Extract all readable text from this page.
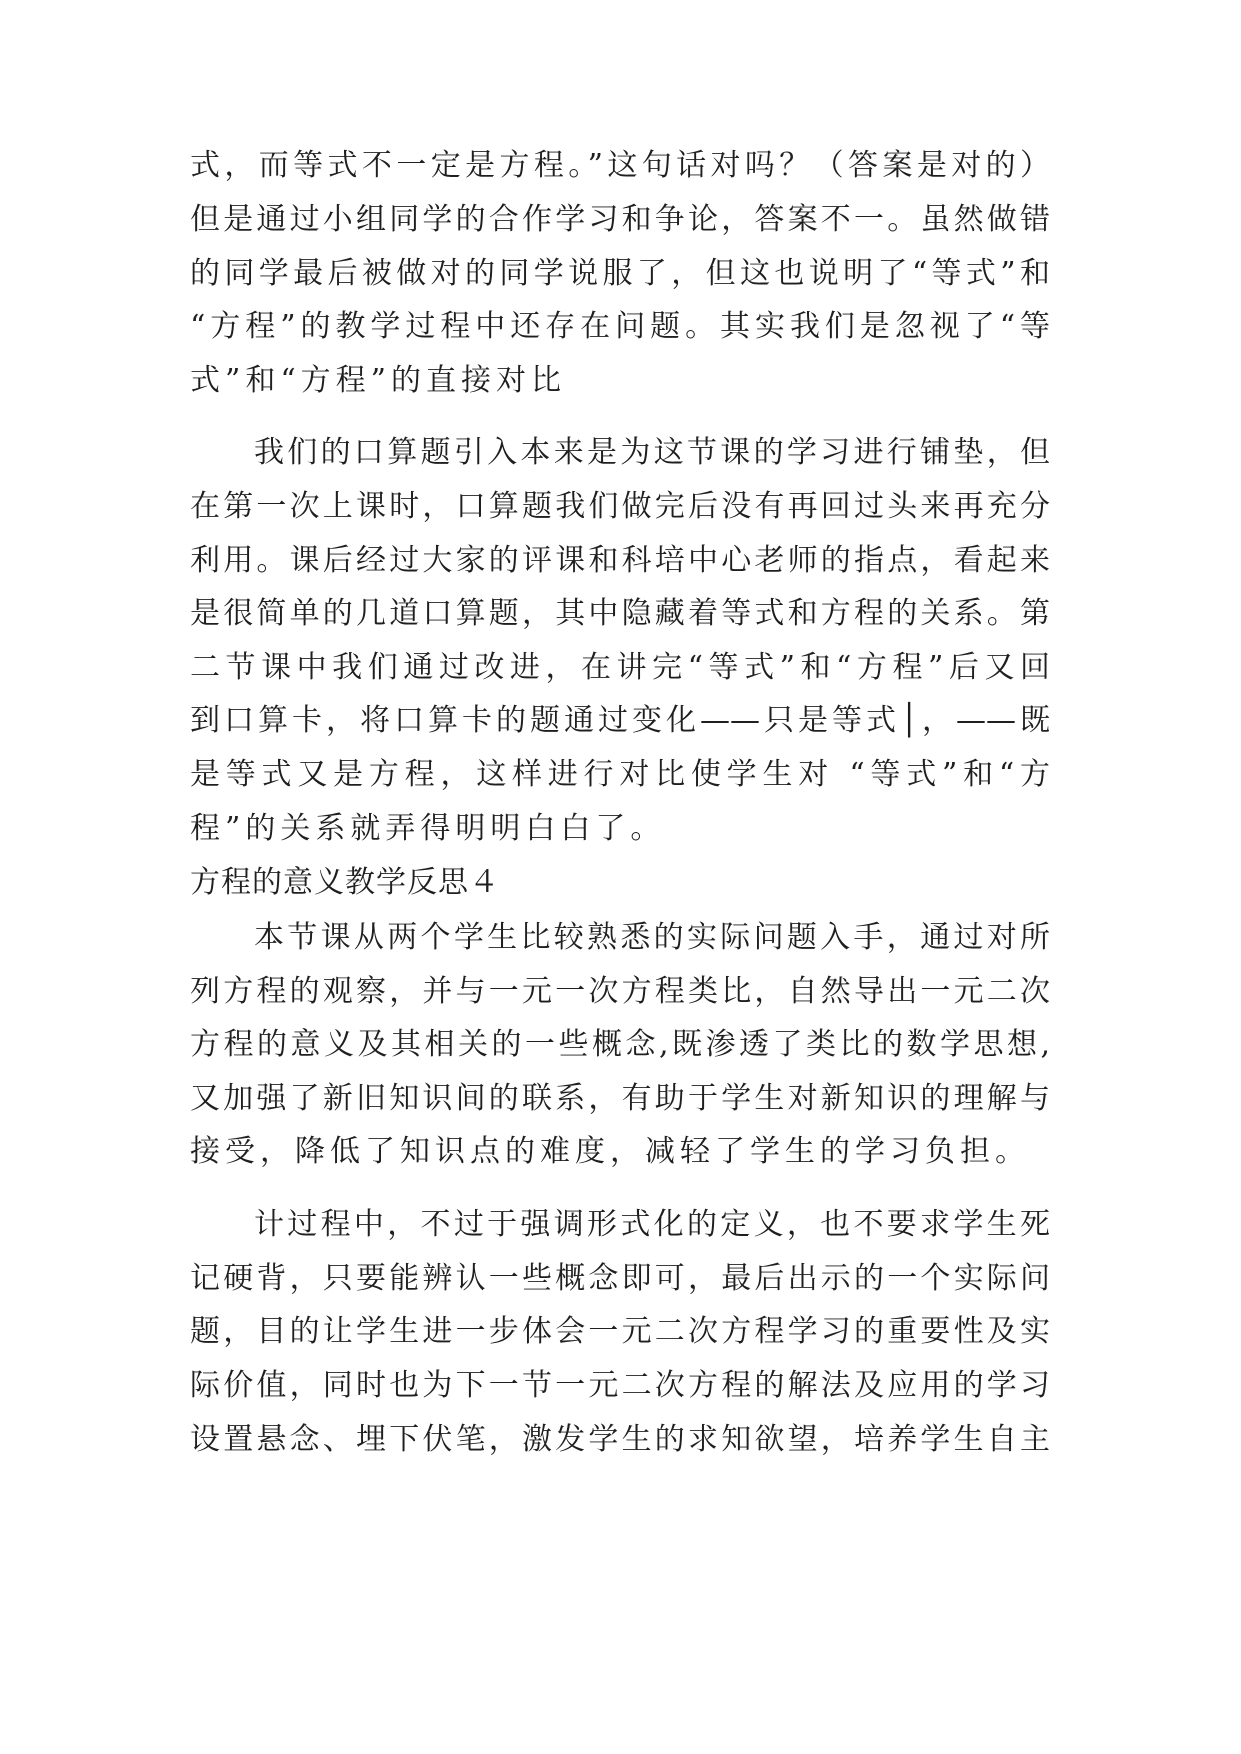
式，而等式不一定是方程。”这句话对吗？（答案是对的）
但是通过小组同学的合作学习和争论，答案不一。虽然做错
的同学最后被做对的同学说服了，但这也说明了“等式”和
“方程”的教学过程中还存在问题。其实我们是忽视了“等
式”和“方程”的直接对比
我们的口算题引入本来是为这节课的学习进行铺垫，但
在第一次上课时，口算题我们做完后没有再回过头来再充分
利用。课后经过大家的评课和科培中心老师的指点，看起来
是很简单的几道口算题，其中隐藏着等式和方程的关系。第
二节课中我们通过改进，在讲完“等式”和“方程”后又回
到口算卡，将口算卡的题通过变化——只是等式│，——既
是等式又是方程，这样进行对比使学生对 “等式”和“方
程”的关系就弄得明明白白了。
方程的意义教学反思４
本节课从两个学生比较熟悉的实际问题入手，通过对所
列方程的观察，并与一元一次方程类比，自然导出一元二次
方程的意义及其相关的一些概念,既渗透了类比的数学思想,
又加强了新旧知识间的联系，有助于学生对新知识的理解与
接受，降低了知识点的难度，减轻了学生的学习负担。
计过程中，不过于强调形式化的定义，也不要求学生死
记硬背，只要能辨认一些概念即可，最后出示的一个实际问
题，目的让学生进一步体会一元二次方程学习的重要性及实
际价值，同时也为下一节一元二次方程的解法及应用的学习
设置悬念、埋下伏笔，激发学生的求知欲望，培养学生自主
